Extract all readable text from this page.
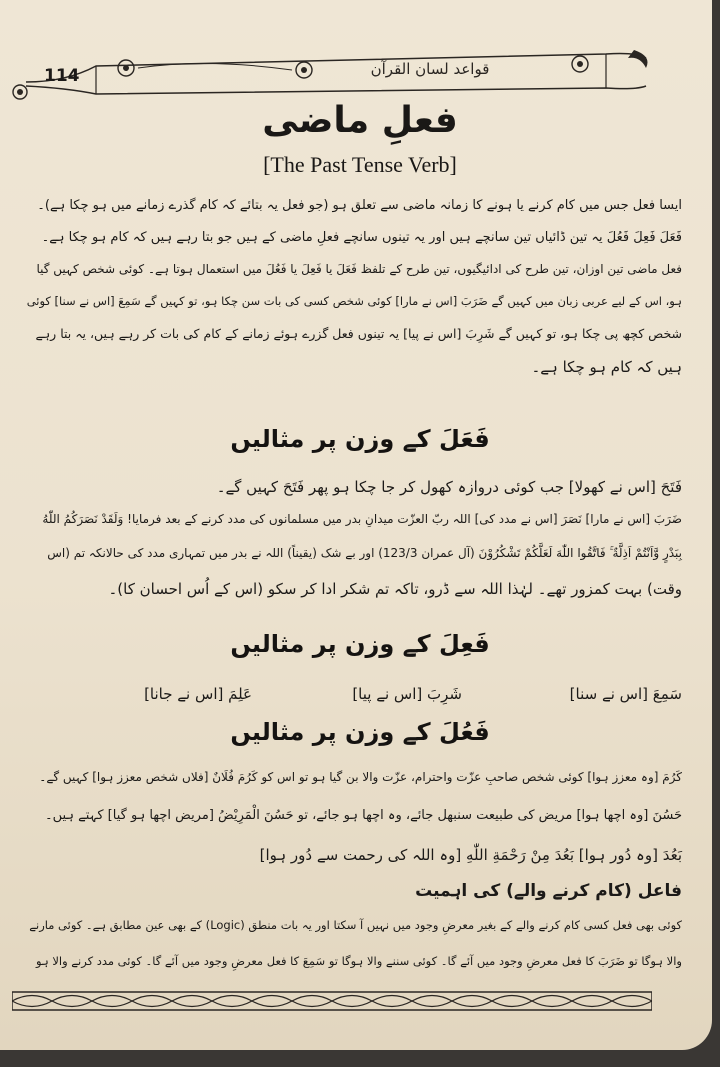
114	قواعد لسان القرآن
فعلِ ماضی
[The Past Tense Verb]
ایسا فعل جس میں کام کرنے یا ہونے کا زمانہ ماضی سے تعلق ہو (جو فعل یہ بتائے کہ کام گذرے زمانے میں ہو چکا ہے)۔
فَعَلَ فَعِلَ فَعُلَ یہ تین ڈائیاں تین سانچے ہیں اور یہ تینوں سانچے فعلِ ماضی کے ہیں جو بتا رہے ہیں کہ کام ہو چکا ہے۔
فعل ماضی تین اوزان، تین طرح کی ادائیگیوں، تین طرح کے تلفظ فَعَلَ یا فَعِلَ یا فَعُلَ میں استعمال ہوتا ہے۔ کوئی شخص کہیں گیا
ہو، اس کے لیے عربی زبان میں کہیں گے ضَرَبَ [اس نے مارا] کوئی شخص کسی کی بات سن چکا ہو، تو کہیں گے سَمِعَ [اس نے سنا] کوئی
شخص کچھ پی چکا ہو، تو کہیں گے شَرِبَ [اس نے پیا] یہ تینوں فعل گزرے ہوئے زمانے کے کام کی بات کر رہے ہیں، یہ بتا رہے
ہیں کہ کام ہو چکا ہے۔
فَعَلَ کے وزن پر مثالیں
فَتَحَ [اس نے کھولا] جب کوئی دروازہ کھول کر جا چکا ہو پھر فَتَحَ کہیں گے۔
ضَرَبَ [اس نے مارا] نَصَرَ [اس نے مدد کی] اللہ ربّ العزّت میدانِ بدر میں مسلمانوں کی مدد کرنے کے بعد فرمایا! وَلَقَدْ نَصَرَكُمُ اللّٰهُ
بِبَدْرٍ وَّاَنْتُمْ اَذِلَّةٌ ۚ فَاتَّقُوا اللّٰهَ لَعَلَّكُمْ تَشْكُرُوْنَ (آل عمران 123/3) اور بے شک (یقیناً) اللہ نے بدر میں تمہاری مدد کی حالانکہ تم (اس
وقت) بہت کمزور تھے۔ لہٰذا اللہ سے ڈرو، تاکہ تم شکر ادا کر سکو (اس کے اُس احسان کا)۔
فَعِلَ کے وزن پر مثالیں
سَمِعَ [اس نے سنا]
شَرِبَ [اس نے پیا]
عَلِمَ [اس نے جانا]
فَعُلَ کے وزن پر مثالیں
كَرُمَ [وہ معزز ہوا] کوئی شخص صاحبِ عزّت واحترام، عزّت والا بن گیا ہو تو اس کو كَرُمَ فُلَانٌ [فلاں شخص معزز ہوا] کہیں گے۔
حَسُنَ [وہ اچھا ہوا] مریض کی طبیعت سنبھل جائے، وہ اچھا ہو جائے، تو حَسُنَ الْمَرِيْضُ [مریض اچھا ہو گیا] کہتے ہیں۔
بَعُدَ [وہ دُور ہوا] بَعُدَ مِنْ رَحْمَةِ اللّٰهِ [وہ اللہ کی رحمت سے دُور ہوا]
فاعل (کام کرنے والے) کی اہمیت
کوئی بھی فعل کسی کام کرنے والے کے بغیر معرضِ وجود میں نہیں آ سکتا اور یہ بات منطق (Logic) کے بھی عین مطابق ہے۔ کوئی مارنے
والا ہوگا تو ضَرَبَ کا فعل معرضِ وجود میں آئے گا۔ کوئی سننے والا ہوگا تو سَمِعَ کا فعل معرضِ وجود میں آئے گا۔ کوئی مدد کرنے والا ہو
